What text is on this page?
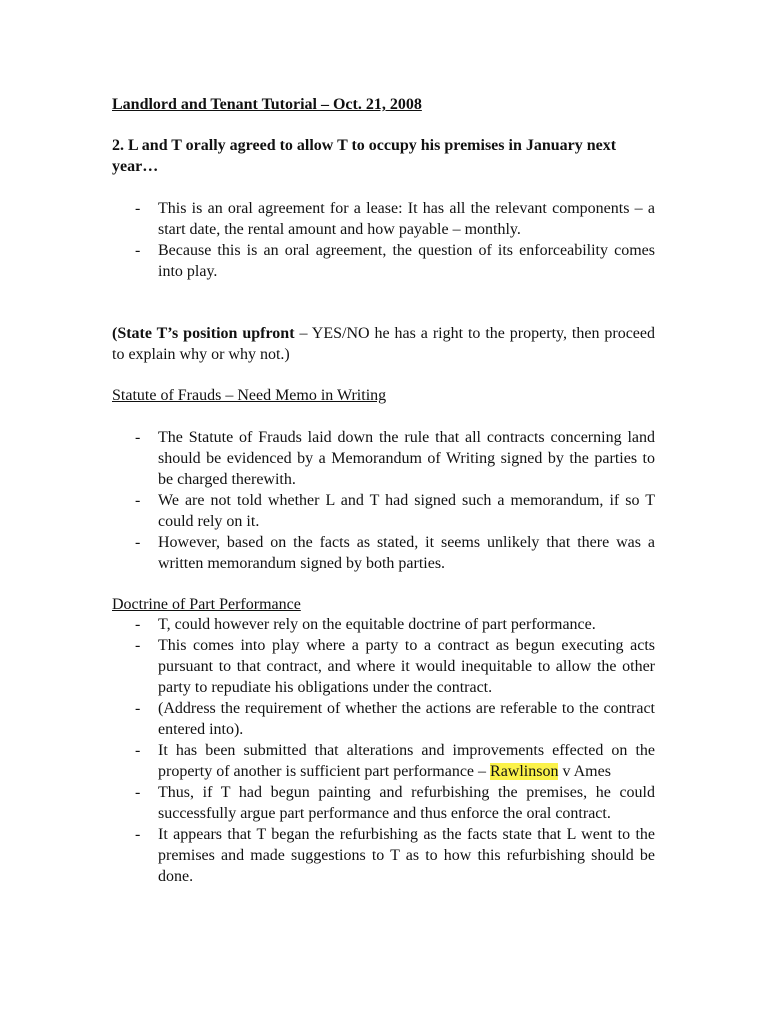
Landlord and Tenant Tutorial – Oct. 21, 2008
2. L and T orally agreed to allow T to occupy his premises in January next year…
- This is an oral agreement for a lease: It has all the relevant components – a start date, the rental amount and how payable – monthly.
- Because this is an oral agreement, the question of its enforceability comes into play.
(State T’s position upfront – YES/NO he has a right to the property, then proceed to explain why or why not.)
Statute of Frauds – Need Memo in Writing
- The Statute of Frauds laid down the rule that all contracts concerning land should be evidenced by a Memorandum of Writing signed by the parties to be charged therewith.
- We are not told whether L and T had signed such a memorandum, if so T could rely on it.
- However, based on the facts as stated, it seems unlikely that there was a written memorandum signed by both parties.
Doctrine of Part Performance
- T, could however rely on the equitable doctrine of part performance.
- This comes into play where a party to a contract as begun executing acts pursuant to that contract, and where it would inequitable to allow the other party to repudiate his obligations under the contract.
- (Address the requirement of whether the actions are referable to the contract entered into).
- It has been submitted that alterations and improvements effected on the property of another is sufficient part performance – Rawlinson v Ames
- Thus, if T had begun painting and refurbishing the premises, he could successfully argue part performance and thus enforce the oral contract.
- It appears that T began the refurbishing as the facts state that L went to the premises and made suggestions to T as to how this refurbishing should be done.
